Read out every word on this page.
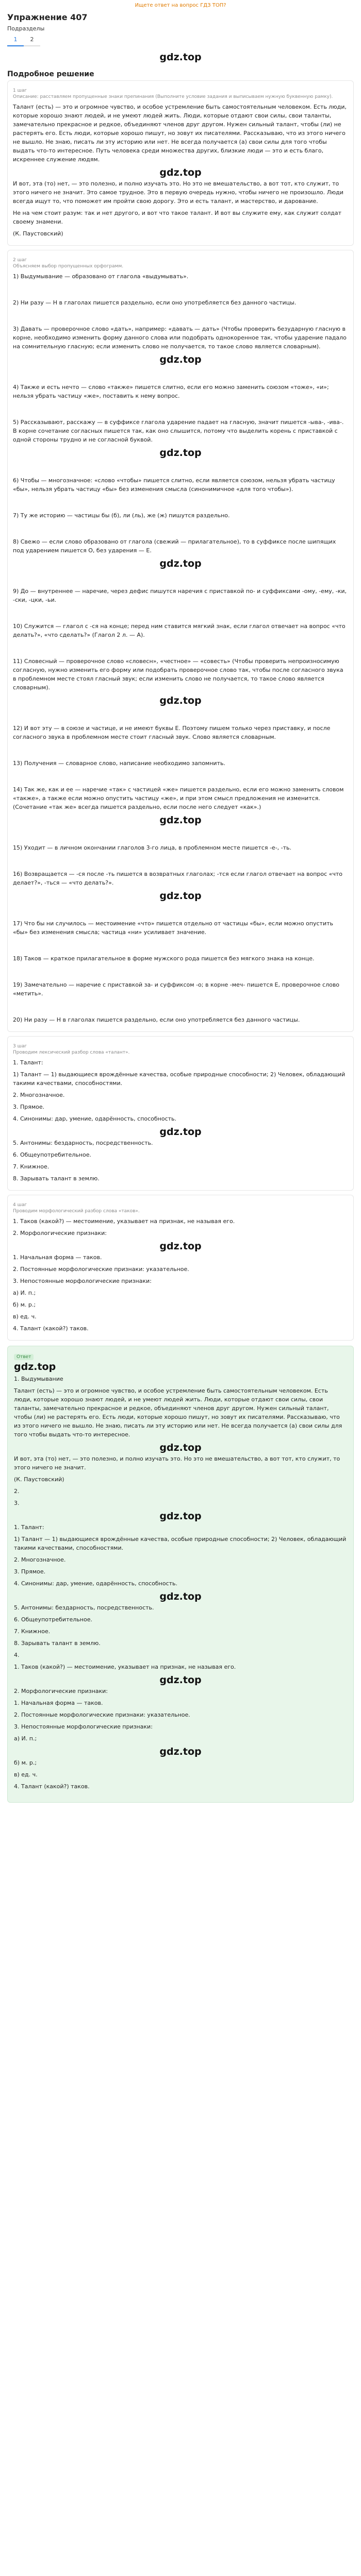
Ищете ответ на вопрос ГДЗ ТОП?
Упражнение 407
Подразделы
1	2
gdz.top
Подробное решение
1 шаг
Описание: расставляем пропущенные знаки препинания (Выполните условие задания и выписываем нужную буквенную рамку).

Талант (есть) — это и огромное чувство, и особое устремление быть самостоятельным человеком. Есть люди, которые хорошо знают людей, и не умеют людей жить. Люди, которые отдают свои силы, свои таланты, замечательно прекрасное и редкое, объединяют членов друг другом. Нужен сильный талант, чтобы (ли) не растерять его. Есть люди, которые хорошо пишут, но зовут их писателями. Рассказываю, что из этого ничего не вышло. Не знаю, писать ли эту историю или нет. Не всегда получается (а) свои силы для того чтобы выдать что-то интересное. Путь человека среди множества других, близкие люди — это и есть благо, искреннее служение людям.

gdz.top

И вот, эта (то) нет, — это полезно, и полно изучать это. Но это не вмешательство, а вот тот, кто служит, то этого ничего не значит. Это самое трудное. Это в первую очередь нужно, чтобы ничего не произошло. Люди всегда ищут то, что поможет им пройти свою дорогу. Это и есть талант, и мастерство, и дарование.

Не на чем стоит разум: так и нет другого, и вот что такое талант. И вот вы служите ему, как служит солдат своему знамени.

(К. Паустовский)

2 шаг
Объясняем выбор пропущенных орфограмм.

1) Выдумывание — образовано от глагола «выдумывать».

2) Ни разу — Н в глаголах пишется раздельно, если оно употребляется без данного частицы.

3) Давать — проверочное слово «дать», например: «давать — дать» (Чтобы проверить безударную гласную в корне, необходимо изменить форму данного слова или подобрать однокоренное так, чтобы ударение падало на сомнительную гласную; если изменить слово не получается, то такое слово является словарным).

gdz.top

4) Также и есть нечто — слово «также» пишется слитно, если его можно заменить союзом «тоже», «и»; нельзя убрать частицу «же», поставить к нему вопрос.

5) Рассказывают, расскажу — в суффиксе глагола ударение падает на гласную, значит пишется -ыва-, -ива-. В корне сочетание согласных пишется так, как оно слышится, потому что выделить корень с приставкой с одной стороны трудно и не согласной буквой.

gdz.top

6) Чтобы — многозначное: «слово «чтобы» пишется слитно, если является союзом, нельзя убрать частицу «бы», нельзя убрать частицу «бы» без изменения смысла (синонимичное «для того чтобы»).

7) Ту же историю — частицы бы (б), ли (ль), же (ж) пишутся раздельно.

8) Свежо — если слово образовано от глагола (свежий — прилагательное), то в суффиксе после шипящих под ударением пишется О, без ударения — Е.

gdz.top

9) До — внутреннее — наречие, через дефис пишутся наречия с приставкой по- и суффиксами -ому, -ему, -ки, -ски, -цки, -ьи.

10) Служится — глагол с -ся на конце; перед ним ставится мягкий знак, если глагол отвечает на вопрос «что делать?», «что сделать?» (Глагол 2 л. — А).

11) Словесный — проверочное слово «словесн», «честное» — «совесть» (Чтобы проверить непроизносимую согласную, нужно изменить его форму или подобрать проверочное слово так, чтобы после согласного звука в проблемном месте стоял гласный звук; если изменить слово не получается, то такое слово является словарным).

gdz.top

12) И вот эту — в союзе и частице, и не имеют буквы Е. Поэтому пишем только через приставку, и после согласного звука в проблемном месте стоит гласный звук. Слово является словарным.

13) Получения — словарное слово, написание необходимо запомнить.

14) Так же, как и ее — наречие «так» с частицей «же» пишется раздельно, если его можно заменить словом «также», а также если можно опустить частицу «же», и при этом смысл предложения не изменится. (Сочетание «так же» всегда пишется раздельно, если после него следует «как».)

gdz.top

15) Уходит — в личном окончании глаголов 3-го лица, в проблемном месте пишется -е-, -ть.

16) Возвращается — -ся после -ть пишется в возвратных глаголах; -тся если глагол отвечает на вопрос «что делает?», -ться — «что делать?».

gdz.top

17) Что бы ни случилось — местоимение «что» пишется отдельно от частицы «бы», если можно опустить «бы» без изменения смысла; частица «ни» усиливает значение.

18) Таков — краткое прилагательное в форме мужского рода пишется без мягкого знака на конце.

19) Замечательно — наречие с приставкой за- и суффиксом -о; в корне -меч- пишется Е, проверочное слово «метить».

20) Ни разу — Н в глаголах пишется раздельно, если оно употребляется без данного частицы.

3 шаг
Проводим лексический разбор слова «талант».

1. Талант:

1) Талант — 1) выдающиеся врождённые качества, особые природные способности; 2) Человек, обладающий такими качествами, способностями.

2. Многозначное.

3. Прямое.

4. Синонимы: дар, умение, одарённость, способность.

gdz.top

5. Антонимы: бездарность, посредственность.

6. Общеупотребительное.

7. Книжное.

8. Зарывать талант в землю.

4 шаг
Проводим морфологический разбор слова «таков».

1. Таков (какой?) — местоимение, указывает на признак, не называя его.

2. Морфологические признаки:

gdz.top

1. Начальная форма — таков.

2. Постоянные морфологические признаки: указательное.

3. Непостоянные морфологические признаки:

а) И. п.;

б) м. р.;

в) ед. ч.

4. Талант (какой?) таков.

Ответ
gdz.top

1. Выдумывание

Талант (есть) — это и огромное чувство, и особое устремление быть самостоятельным человеком. Есть люди, которые хорошо знают людей, и не умеют людей жить. Люди, которые отдают свои силы, свои таланты, замечательно прекрасное и редкое, объединяют членов друг другом. Нужен сильный талант, чтобы (ли) не растерять его. Есть люди, которые хорошо пишут, но зовут их писателями. Рассказываю, что из этого ничего не вышло. Не знаю, писать ли эту историю или нет. Не всегда получается (а) свои силы для того чтобы выдать что-то интересное.

gdz.top

И вот, эта (то) нет, — это полезно, и полно изучать это. Но это не вмешательство, а вот тот, кто служит, то этого ничего не значит.

(К. Паустовский)

2.

3.

gdz.top

1. Талант:

1) Талант — 1) выдающиеся врождённые качества, особые природные способности; 2) Человек, обладающий такими качествами, способностями.

2. Многозначное.

3. Прямое.

4. Синонимы: дар, умение, одарённость, способность.

gdz.top

5. Антонимы: бездарность, посредственность.

6. Общеупотребительное.

7. Книжное.

8. Зарывать талант в землю.

4.

1. Таков (какой?) — местоимение, указывает на признак, не называя его.

gdz.top

2. Морфологические признаки:

1. Начальная форма — таков.

2. Постоянные морфологические признаки: указательное.

3. Непостоянные морфологические признаки:

а) И. п.;

gdz.top

б) м. р.;

в) ед. ч.

4. Талант (какой?) таков.
